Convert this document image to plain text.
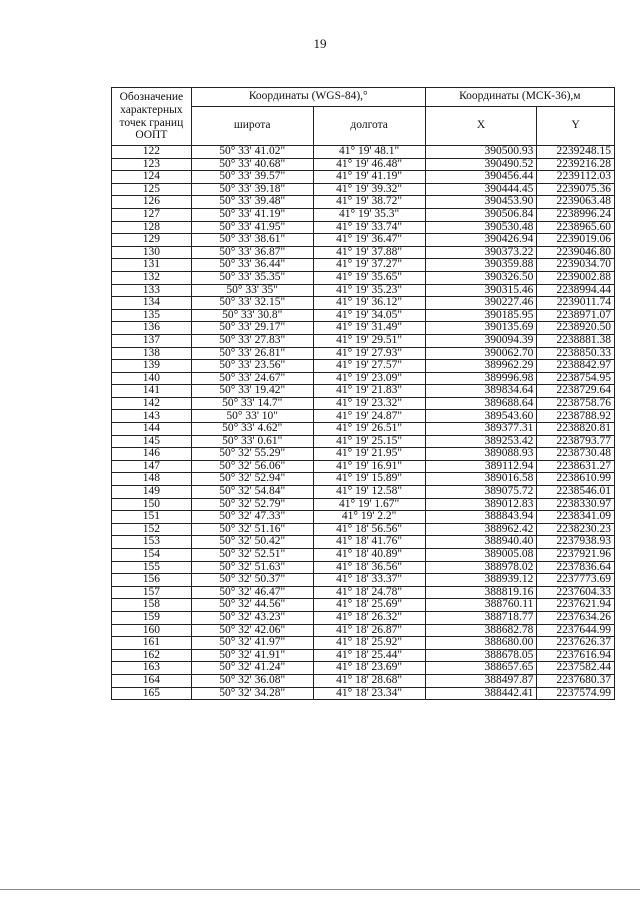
19
Обозначение характерных точек границ ООПТ	Координаты (WGS-84),°		Координаты (МСК-36),м	
	широта	долгота	X	Y
122	50° 33' 41.02"	41° 19' 48.1"	390500.93	2239248.15
123	50° 33' 40.68"	41° 19' 46.48"	390490.52	2239216.28
124	50° 33' 39.57"	41° 19' 41.19"	390456.44	2239112.03
125	50° 33' 39.18"	41° 19' 39.32"	390444.45	2239075.36
126	50° 33' 39.48"	41° 19' 38.72"	390453.90	2239063.48
127	50° 33' 41.19"	41° 19' 35.3"	390506.84	2238996.24
128	50° 33' 41.95"	41° 19' 33.74"	390530.48	2238965.60
129	50° 33' 38.61"	41° 19' 36.47"	390426.94	2239019.06
130	50° 33' 36.87"	41° 19' 37.88"	390373.22	2239046.80
131	50° 33' 36.44"	41° 19' 37.27"	390359.88	2239034.70
132	50° 33' 35.35"	41° 19' 35.65"	390326.50	2239002.88
133	50° 33' 35"	41° 19' 35.23"	390315.46	2238994.44
134	50° 33' 32.15"	41° 19' 36.12"	390227.46	2239011.74
135	50° 33' 30.8"	41° 19' 34.05"	390185.95	2238971.07
136	50° 33' 29.17"	41° 19' 31.49"	390135.69	2238920.50
137	50° 33' 27.83"	41° 19' 29.51"	390094.39	2238881.38
138	50° 33' 26.81"	41° 19' 27.93"	390062.70	2238850.33
139	50° 33' 23.56"	41° 19' 27.57"	389962.29	2238842.97
140	50° 33' 24.67"	41° 19' 23.09"	389996.98	2238754.95
141	50° 33' 19.42"	41° 19' 21.83"	389834.64	2238729.64
142	50° 33' 14.7"	41° 19' 23.32"	389688.64	2238758.76
143	50° 33' 10"	41° 19' 24.87"	389543.60	2238788.92
144	50° 33' 4.62"	41° 19' 26.51"	389377.31	2238820.81
145	50° 33' 0.61"	41° 19' 25.15"	389253.42	2238793.77
146	50° 32' 55.29"	41° 19' 21.95"	389088.93	2238730.48
147	50° 32' 56.06"	41° 19' 16.91"	389112.94	2238631.27
148	50° 32' 52.94"	41° 19' 15.89"	389016.58	2238610.99
149	50° 32' 54.84"	41° 19' 12.58"	389075.72	2238546.01
150	50° 32' 52.79"	41° 19' 1.67"	389012.83	2238330.97
151	50° 32' 47.33"	41° 19' 2.2"	388843.94	2238341.09
152	50° 32' 51.16"	41° 18' 56.56"	388962.42	2238230.23
153	50° 32' 50.42"	41° 18' 41.76"	388940.40	2237938.93
154	50° 32' 52.51"	41° 18' 40.89"	389005.08	2237921.96
155	50° 32' 51.63"	41° 18' 36.56"	388978.02	2237836.64
156	50° 32' 50.37"	41° 18' 33.37"	388939.12	2237773.69
157	50° 32' 46.47"	41° 18' 24.78"	388819.16	2237604.33
158	50° 32' 44.56"	41° 18' 25.69"	388760.11	2237621.94
159	50° 32' 43.23"	41° 18' 26.32"	388718.77	2237634.26
160	50° 32' 42.06"	41° 18' 26.87"	388682.78	2237644.99
161	50° 32' 41.97"	41° 18' 25.92"	388680.00	2237626.37
162	50° 32' 41.91"	41° 18' 25.44"	388678.05	2237616.94
163	50° 32' 41.24"	41° 18' 23.69"	388657.65	2237582.44
164	50° 32' 36.08"	41° 18' 28.68"	388497.87	2237680.37
165	50° 32' 34.28"	41° 18' 23.34"	388442.41	2237574.99
